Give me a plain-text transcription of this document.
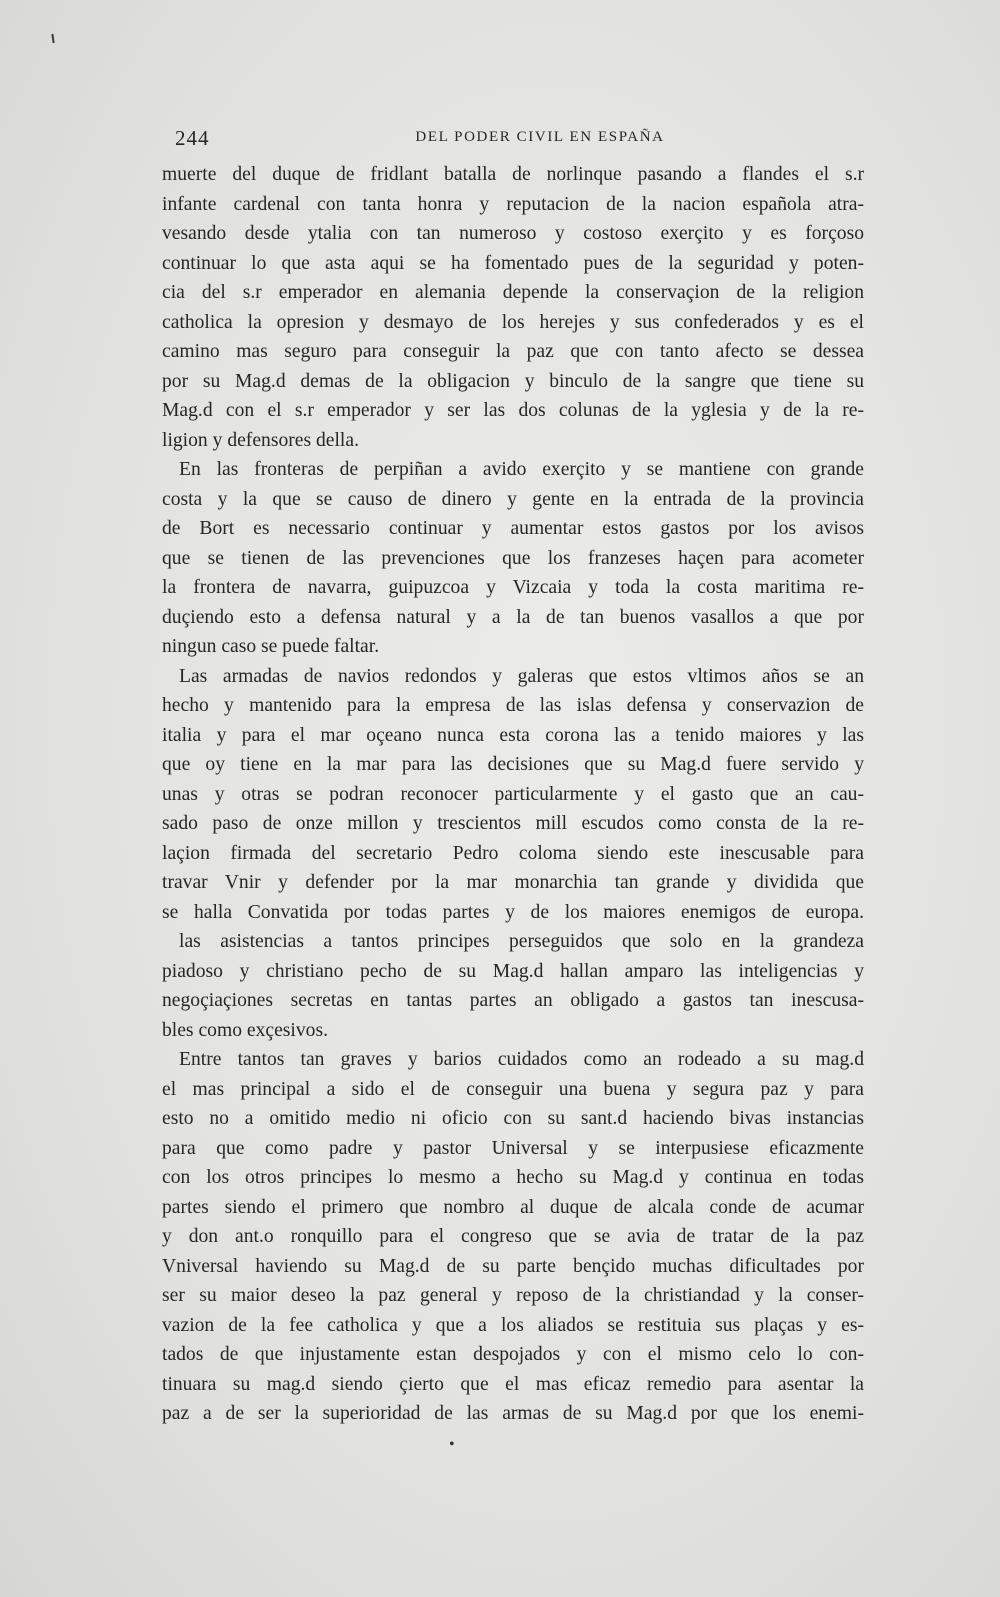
244	DEL PODER CIVIL EN ESPAÑA
muerte del duque de fridlant batalla de norlinque pasando a flandes el s.r
infante cardenal con tanta honra y reputacion de la nacion española atra-
vesando desde ytalia con tan numeroso y costoso exerçito y es forçoso
continuar lo que asta aqui se ha fomentado pues de la seguridad y poten-
cia del s.r emperador en alemania depende la conservaçion de la religion
catholica la opresion y desmayo de los herejes y sus confederados y es el
camino mas seguro para conseguir la paz que con tanto afecto se dessea
por su Mag.d demas de la obligacion y binculo de la sangre que tiene su
Mag.d con el s.r emperador y ser las dos colunas de la yglesia y de la re-
ligion y defensores della.
En las fronteras de perpiñan a avido exerçito y se mantiene con grande
costa y la que se causo de dinero y gente en la entrada de la provincia
de Bort es necessario continuar y aumentar estos gastos por los avisos
que se tienen de las prevenciones que los franzeses haçen para acometer
la frontera de navarra, guipuzcoa y Vizcaia y toda la costa maritima re-
duçiendo esto a defensa natural y a la de tan buenos vasallos a que por
ningun caso se puede faltar.
Las armadas de navios redondos y galeras que estos vltimos años se an
hecho y mantenido para la empresa de las islas defensa y conservazion de
italia y para el mar oçeano nunca esta corona las a tenido maiores y las
que oy tiene en la mar para las decisiones que su Mag.d fuere servido y
unas y otras se podran reconocer particularmente y el gasto que an cau-
sado paso de onze millon y trescientos mill escudos como consta de la re-
laçion firmada del secretario Pedro coloma siendo este inescusable para
travar Vnir y defender por la mar monarchia tan grande y dividida que
se halla Convatida por todas partes y de los maiores enemigos de europa.
las asistencias a tantos principes perseguidos que solo en la grandeza
piadoso y christiano pecho de su Mag.d hallan amparo las inteligencias y
negoçiaçiones secretas en tantas partes an obligado a gastos tan inescusa-
bles como exçesivos.
Entre tantos tan graves y barios cuidados como an rodeado a su mag.d
el mas principal a sido el de conseguir una buena y segura paz y para
esto no a omitido medio ni oficio con su sant.d haciendo bivas instancias
para que como padre y pastor Universal y se interpusiese eficazmente
con los otros principes lo mesmo a hecho su Mag.d y continua en todas
partes siendo el primero que nombro al duque de alcala conde de acumar
y don ant.o ronquillo para el congreso que se avia de tratar de la paz
Vniversal haviendo su Mag.d de su parte bençido muchas dificultades por
ser su maior deseo la paz general y reposo de la christiandad y la conser-
vazion de la fee catholica y que a los aliados se restituia sus plaças y es-
tados de que injustamente estan despojados y con el mismo celo lo con-
tinuara su mag.d siendo çierto que el mas eficaz remedio para asentar la
paz a de ser la superioridad de las armas de su Mag.d por que los enemi-
•
